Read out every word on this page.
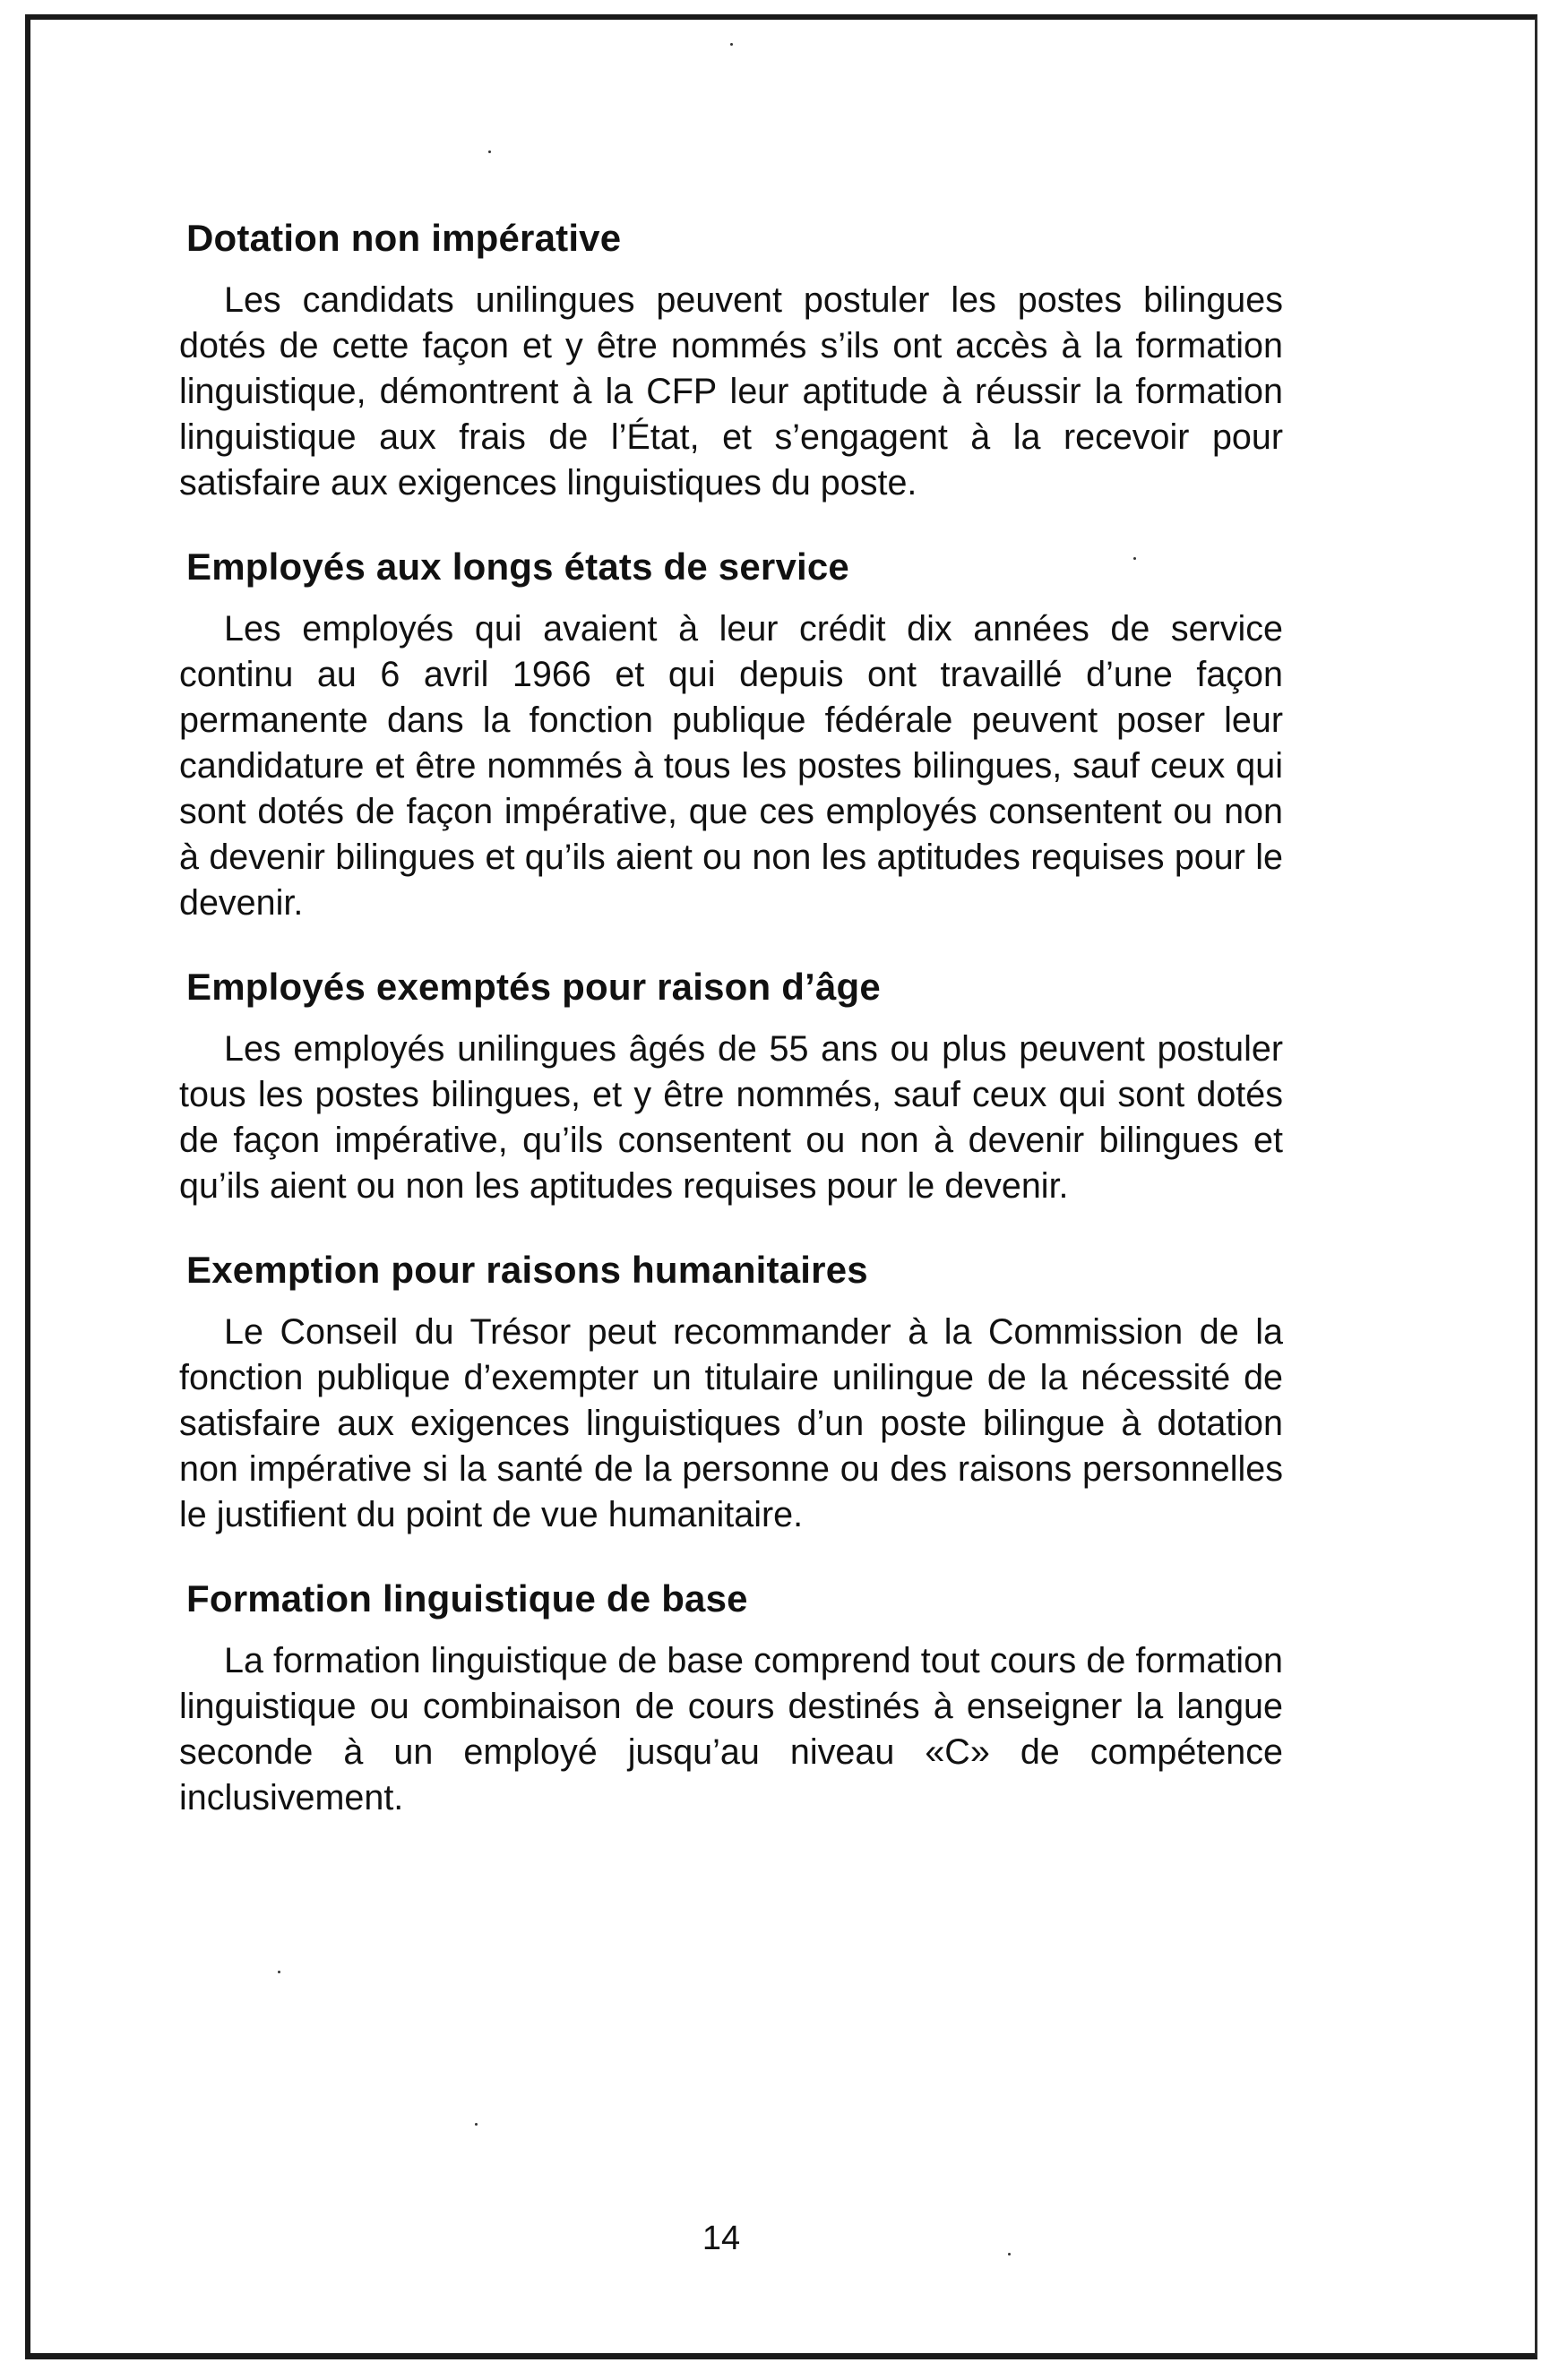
Dotation non impérative

Les candidats unilingues peuvent postuler les postes bilingues dotés de cette façon et y être nommés s’ils ont accès à la formation linguistique, démontrent à la CFP leur aptitude à réussir la formation linguistique aux frais de l’État, et s’engagent à la recevoir pour satisfaire aux exigences linguistiques du poste.

Employés aux longs états de service

Les employés qui avaient à leur crédit dix années de service continu au 6 avril 1966 et qui depuis ont travaillé d’une façon permanente dans la fonction publique fédérale peuvent poser leur candidature et être nommés à tous les postes bilingues, sauf ceux qui sont dotés de façon impérative, que ces employés consentent ou non à devenir bilingues et qu’ils aient ou non les aptitudes requises pour le devenir.

Employés exemptés pour raison d’âge

Les employés unilingues âgés de 55 ans ou plus peuvent postuler tous les postes bilingues, et y être nommés, sauf ceux qui sont dotés de façon impérative, qu’ils consentent ou non à devenir bilingues et qu’ils aient ou non les aptitudes requises pour le devenir.

Exemption pour raisons humanitaires

Le Conseil du Trésor peut recommander à la Commission de la fonction publique d’exempter un titulaire unilingue de la nécessité de satisfaire aux exigences linguistiques d’un poste bilingue à dotation non impérative si la santé de la personne ou des raisons personnelles le justifient du point de vue humanitaire.

Formation linguistique de base

La formation linguistique de base comprend tout cours de formation linguistique ou combinaison de cours destinés à enseigner la langue seconde à un employé jusqu’au niveau «C» de compétence inclusivement.

14
